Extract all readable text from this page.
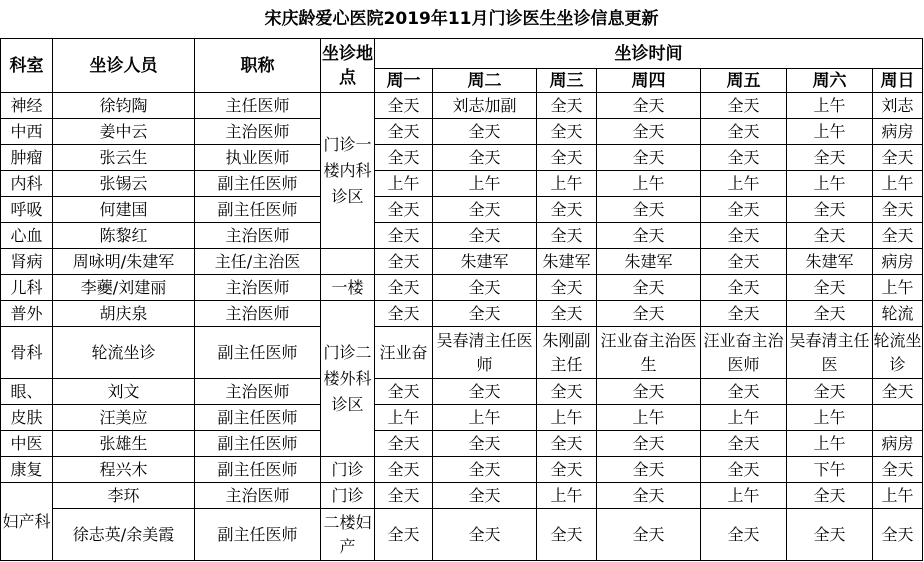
宋庆龄爱心医院2019年11月门诊医生坐诊信息更新										
科室	坐诊人员	职称	坐诊地点	坐诊时间						
				周一	周二	周三	周四	周五	周六	周日
神经	徐钧陶	主任医师	门诊一楼内科诊区	全天	刘志加副	全天	全天	全天	上午	刘志
中西	姜中云	主治医师		全天	全天	全天	全天	全天	上午	病房
肿瘤	张云生	执业医师		全天	全天	全天	全天	全天	全天	全天
内科	张锡云	副主任医师		上午	上午	上午	上午	上午	上午	上午
呼吸	何建国	副主任医师		全天	全天	全天	全天	全天	全天	全天
心血	陈黎红	主治医师		全天	全天	全天	全天	全天	全天	全天
肾病	周咏明/朱建军	主任/主治医		全天	朱建军	朱建军	朱建军	全天	朱建军	病房
儿科	李虁/刘建丽	主治医师	一楼	全天	全天	全天	全天	全天	全天	上午
普外	胡庆泉	主治医师	门诊二楼外科诊区	全天	全天	全天	全天	全天	全天	轮流
骨科	轮流坐诊	副主任医师		汪业奋	吴春清主任医师	朱刚副主任	汪业奋主治医生	汪业奋主治医师	吴春清主任医	轮流坐诊
眼、	刘文	主治医师		全天	全天	全天	全天	全天	全天	全天
皮肤	汪美应	副主任医师		上午	上午	上午	上午	上午	上午	
中医	张雄生	副主任医师		全天	全天	全天	全天	全天	上午	病房
康复	程兴木	副主任医师	门诊	全天	全天	全天	全天	全天	下午	全天
妇产科	李环	主治医师	门诊	全天	全天	上午	全天	上午	全天	上午
	徐志英/余美霞	副主任医师	二楼妇产	全天	全天	全天	全天	全天	全天	全天
